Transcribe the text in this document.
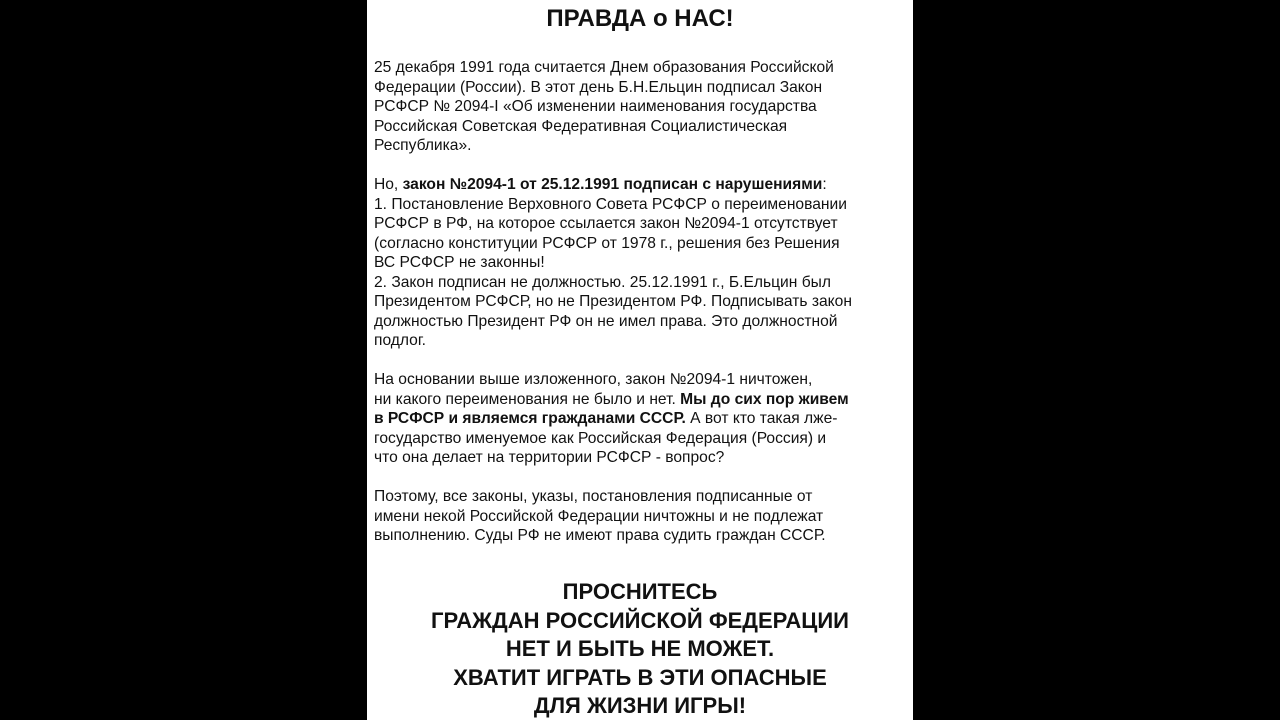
ПРАВДА о НАС!
25 декабря 1991 года считается Днем образования Российской
Федерации (России). В этот день Б.Н.Ельцин подписал Закон
РСФСР № 2094-I «Об изменении наименования государства
Российская Советская Федеративная Социалистическая
Республика».
Но, закон №2094-1 от 25.12.1991 подписан с нарушениями:
1. Постановление Верховного Совета РСФСР о переименовании
РСФСР в РФ, на которое ссылается закон №2094-1 отсутствует
(согласно конституции РСФСР от 1978 г., решения без Решения
ВС РСФСР не законны!
2. Закон подписан не должностью. 25.12.1991 г., Б.Ельцин был
Президентом РСФСР, но не Президентом РФ. Подписывать закон
должностью Президент РФ он не имел права. Это должностной
подлог.
На основании выше изложенного, закон №2094-1 ничтожен,
ни какого переименования не было и нет. Мы до сих пор живем
в РСФСР и являемся гражданами СССР. А вот кто такая лже-
государство именуемое как Российская Федерация (Россия) и
что она делает на территории РСФСР - вопрос?
Поэтому, все законы, указы, постановления подписанные от
имени некой Российской Федерации ничтожны и не подлежат
выполнению. Суды РФ не имеют права судить граждан СССР.
ПРОСНИТЕСЬ
ГРАЖДАН РОССИЙСКОЙ ФЕДЕРАЦИИ
НЕТ И БЫТЬ НЕ МОЖЕТ.
ХВАТИТ ИГРАТЬ В ЭТИ ОПАСНЫЕ
ДЛЯ ЖИЗНИ ИГРЫ!
